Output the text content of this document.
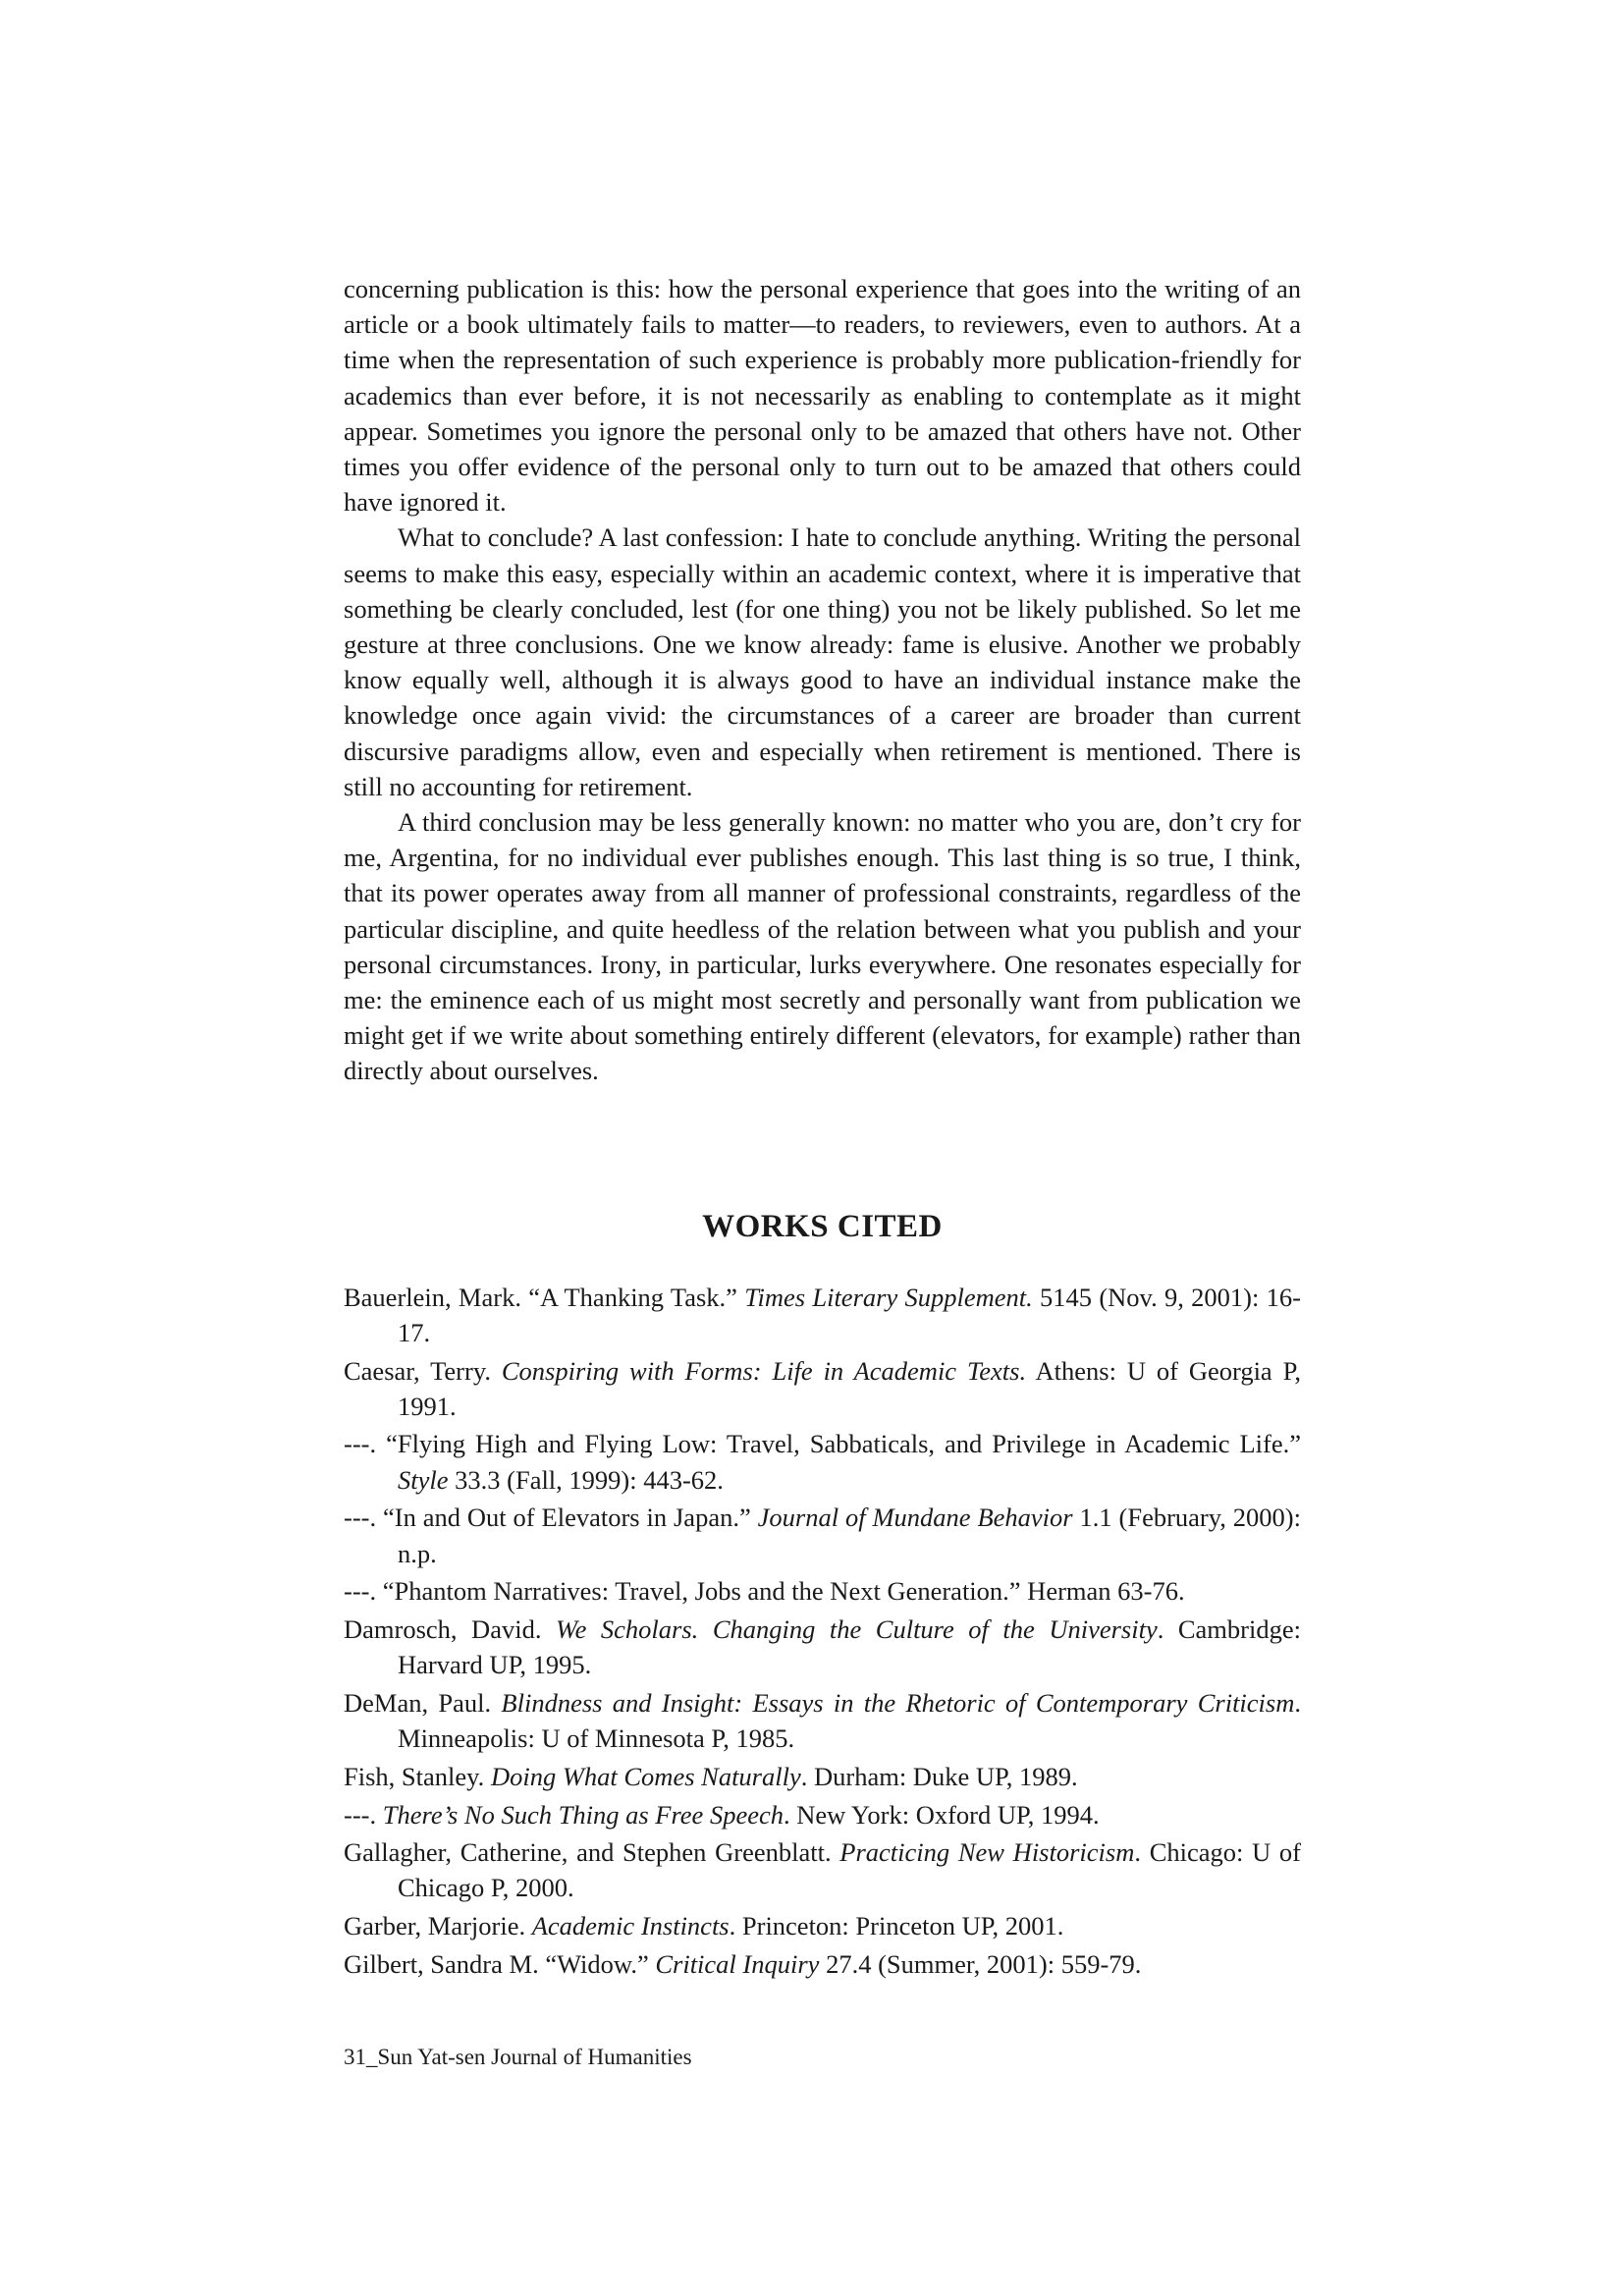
concerning publication is this: how the personal experience that goes into the writing of an article or a book ultimately fails to matter—to readers, to reviewers, even to authors. At a time when the representation of such experience is probably more publication-friendly for academics than ever before, it is not necessarily as enabling to contemplate as it might appear. Sometimes you ignore the personal only to be amazed that others have not. Other times you offer evidence of the personal only to turn out to be amazed that others could have ignored it.

What to conclude? A last confession: I hate to conclude anything. Writing the personal seems to make this easy, especially within an academic context, where it is imperative that something be clearly concluded, lest (for one thing) you not be likely published. So let me gesture at three conclusions. One we know already: fame is elusive. Another we probably know equally well, although it is always good to have an individual instance make the knowledge once again vivid: the circumstances of a career are broader than current discursive paradigms allow, even and especially when retirement is mentioned. There is still no accounting for retirement.

A third conclusion may be less generally known: no matter who you are, don’t cry for me, Argentina, for no individual ever publishes enough. This last thing is so true, I think, that its power operates away from all manner of professional constraints, regardless of the particular discipline, and quite heedless of the relation between what you publish and your personal circumstances. Irony, in particular, lurks everywhere. One resonates especially for me: the eminence each of us might most secretly and personally want from publication we might get if we write about something entirely different (elevators, for example) rather than directly about ourselves.

WORKS CITED
Bauerlein, Mark. “A Thanking Task.” Times Literary Supplement. 5145 (Nov. 9, 2001): 16-17.
Caesar, Terry. Conspiring with Forms: Life in Academic Texts. Athens: U of Georgia P, 1991.
---. “Flying High and Flying Low: Travel, Sabbaticals, and Privilege in Academic Life.” Style 33.3 (Fall, 1999): 443-62.
---. “In and Out of Elevators in Japan.” Journal of Mundane Behavior 1.1 (February, 2000): n.p.
---. “Phantom Narratives: Travel, Jobs and the Next Generation.” Herman 63-76.
Damrosch, David. We Scholars. Changing the Culture of the University. Cambridge: Harvard UP, 1995.
DeMan, Paul. Blindness and Insight: Essays in the Rhetoric of Contemporary Criticism. Minneapolis: U of Minnesota P, 1985.
Fish, Stanley. Doing What Comes Naturally. Durham: Duke UP, 1989.
---. There’s No Such Thing as Free Speech. New York: Oxford UP, 1994.
Gallagher, Catherine, and Stephen Greenblatt. Practicing New Historicism. Chicago: U of Chicago P, 2000.
Garber, Marjorie. Academic Instincts. Princeton: Princeton UP, 2001.
Gilbert, Sandra M. “Widow.” Critical Inquiry 27.4 (Summer, 2001): 559-79.
31_Sun Yat-sen Journal of Humanities
